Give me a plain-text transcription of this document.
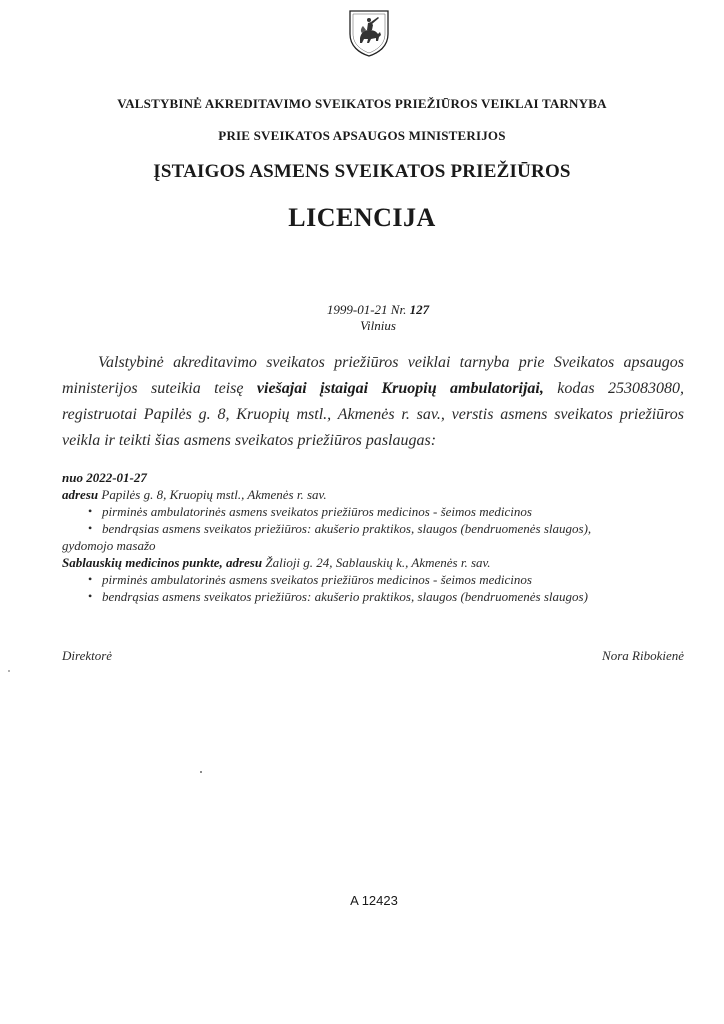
VALSTYBINĖ AKREDITAVIMO SVEIKATOS PRIEŽIŪROS VEIKLAI TARNYBA
PRIE SVEIKATOS APSAUGOS MINISTERIJOS
ĮSTAIGOS ASMENS SVEIKATOS PRIEŽIŪROS
LICENCIJA
1999-01-21 Nr. 127
Vilnius
Valstybinė akreditavimo sveikatos priežiūros veiklai tarnyba prie Sveikatos apsaugos ministerijos suteikia teisę viešajai įstaigai Kruopių ambulatorijai, kodas 253083080, registruotai Papilės g. 8, Kruopių mstl., Akmenės r. sav., verstis asmens sveikatos priežiūros veikla ir teikti šias asmens sveikatos priežiūros paslaugas:
nuo 2022-01-27
adresu Papilės g. 8, Kruopių mstl., Akmenės r. sav.
• pirminės ambulatorinės asmens sveikatos priežiūros medicinos - šeimos medicinos
• bendrąsias asmens sveikatos priežiūros: akušerio praktikos, slaugos (bendruomenės slaugos),
gydomojo masažo
Sablauskių medicinos punkte, adresu Žalioji g. 24, Sablauskių k., Akmenės r. sav.
• pirminės ambulatorinės asmens sveikatos priežiūros medicinos - šeimos medicinos
• bendrąsias asmens sveikatos priežiūros: akušerio praktikos, slaugos (bendruomenės slaugos)
Direktorė	Nora Ribokienė
A 12423
